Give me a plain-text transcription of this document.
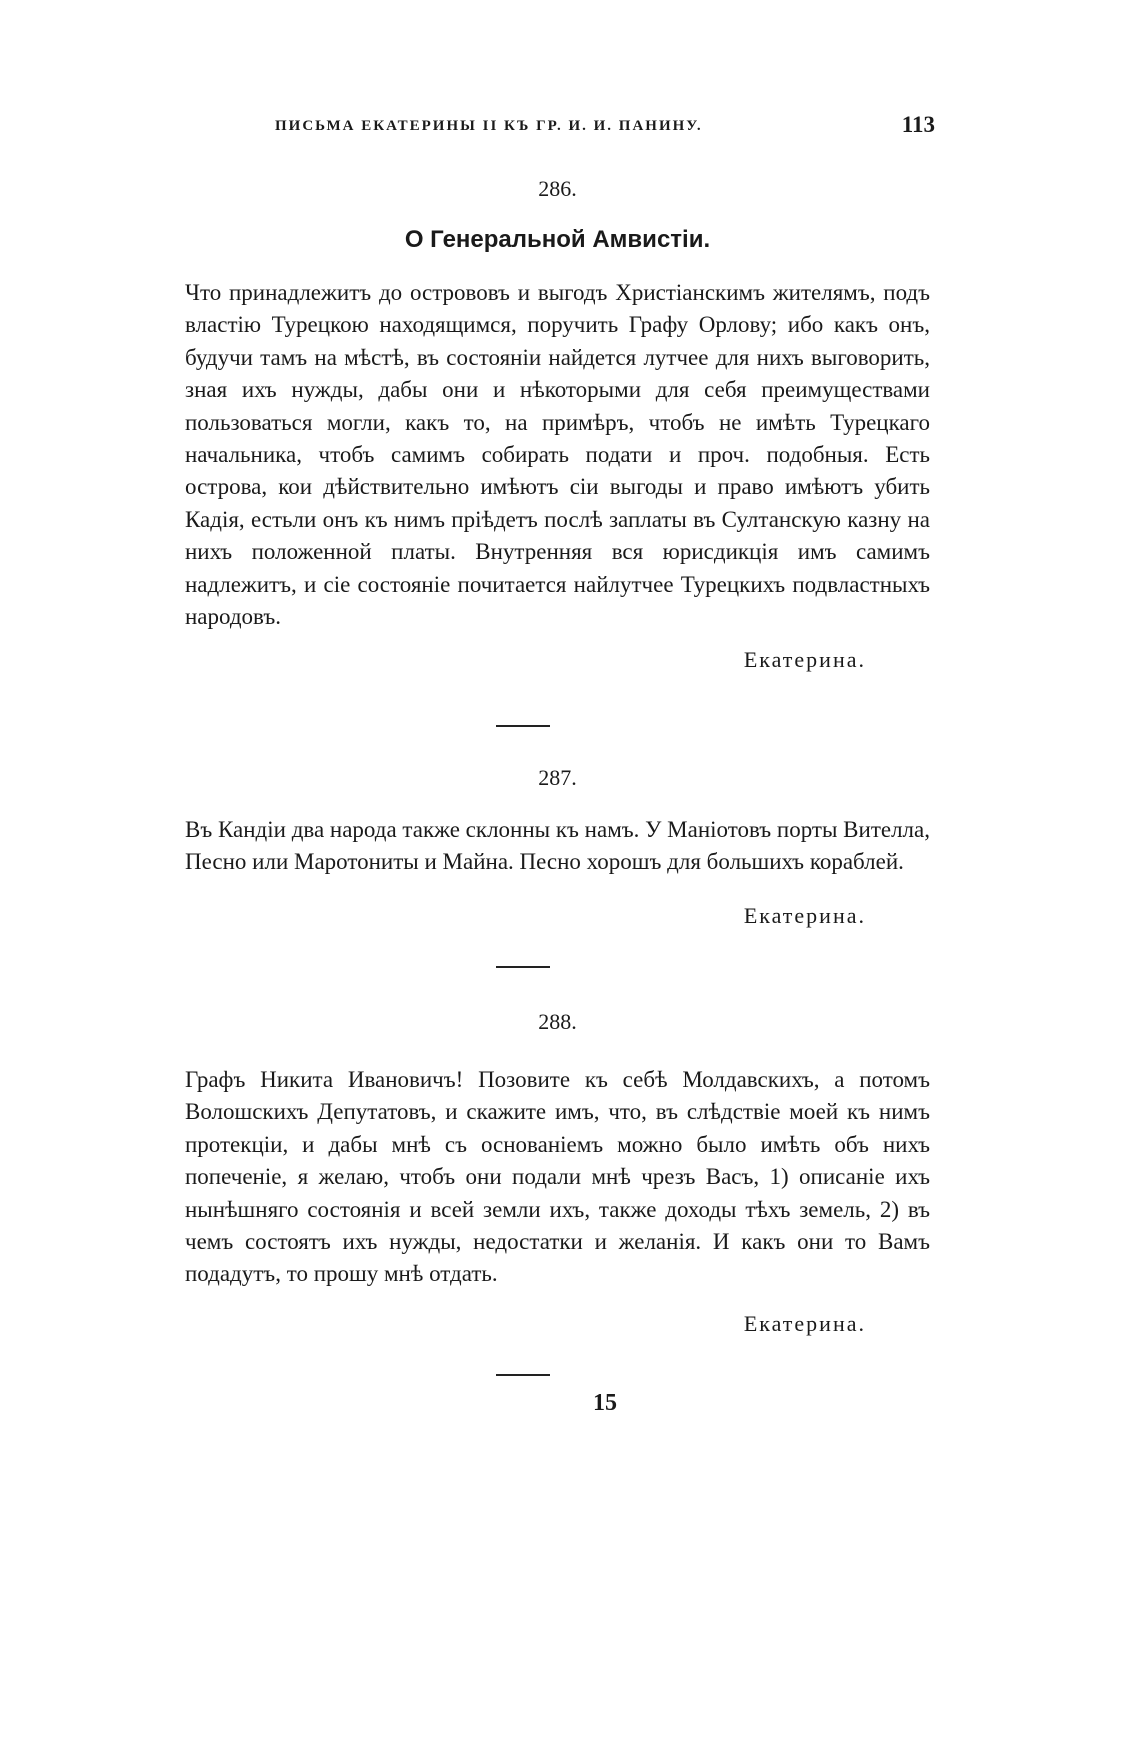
ПИСЬМА ЕКАТЕРИНЫ II КЪ ГР. И. И. ПАНИНУ.	113

286.

О Генеральной Амвистіи.

Что принадлежитъ до острововъ и выгодъ Христіанскимъ жителямъ, подъ властію Турецкою находящимся, поручить Графу Орлову; ибо какъ онъ, будучи тамъ на мѣстѣ, въ состояніи найдется лутчее для нихъ выговорить, зная ихъ нужды, дабы они и нѣкоторыми для себя преимуществами пользоваться могли, какъ то, на примѣръ, чтобъ не имѣть Турецкаго начальника, чтобъ самимъ собирать подати и проч. подобныя. Есть острова, кои дѣйствительно имѣютъ сіи выгоды и право имѣютъ убить Кадія, естьли онъ къ нимъ пріѣдетъ послѣ заплаты въ Султанскую казну на нихъ положенной платы. Внутренняя вся юрисдикція имъ самимъ надлежитъ, и сіе состояніе почитается найлутчее Турецкихъ подвластныхъ народовъ.

Екатерина.

287.

Въ Кандіи два народа также склонны къ намъ. У Маніотовъ порты Вителла, Песно или Маротониты и Майна. Песно хорошъ для большихъ кораблей.

Екатерина.

288.

Графъ Никита Ивановичъ! Позовите къ себѣ Молдавскихъ, а потомъ Волошскихъ Депутатовъ, и скажите имъ, что, въ слѣдствіе моей къ нимъ протекціи, и дабы мнѣ съ основаніемъ можно было имѣть объ нихъ попеченіе, я желаю, чтобъ они подали мнѣ чрезъ Васъ, 1) описаніе ихъ нынѣшняго состоянія и всей земли ихъ, также доходы тѣхъ земель, 2) въ чемъ состоятъ ихъ нужды, недостатки и желанія. И какъ они то Вамъ подадутъ, то прошу мнѣ отдать.

Екатерина.

15
